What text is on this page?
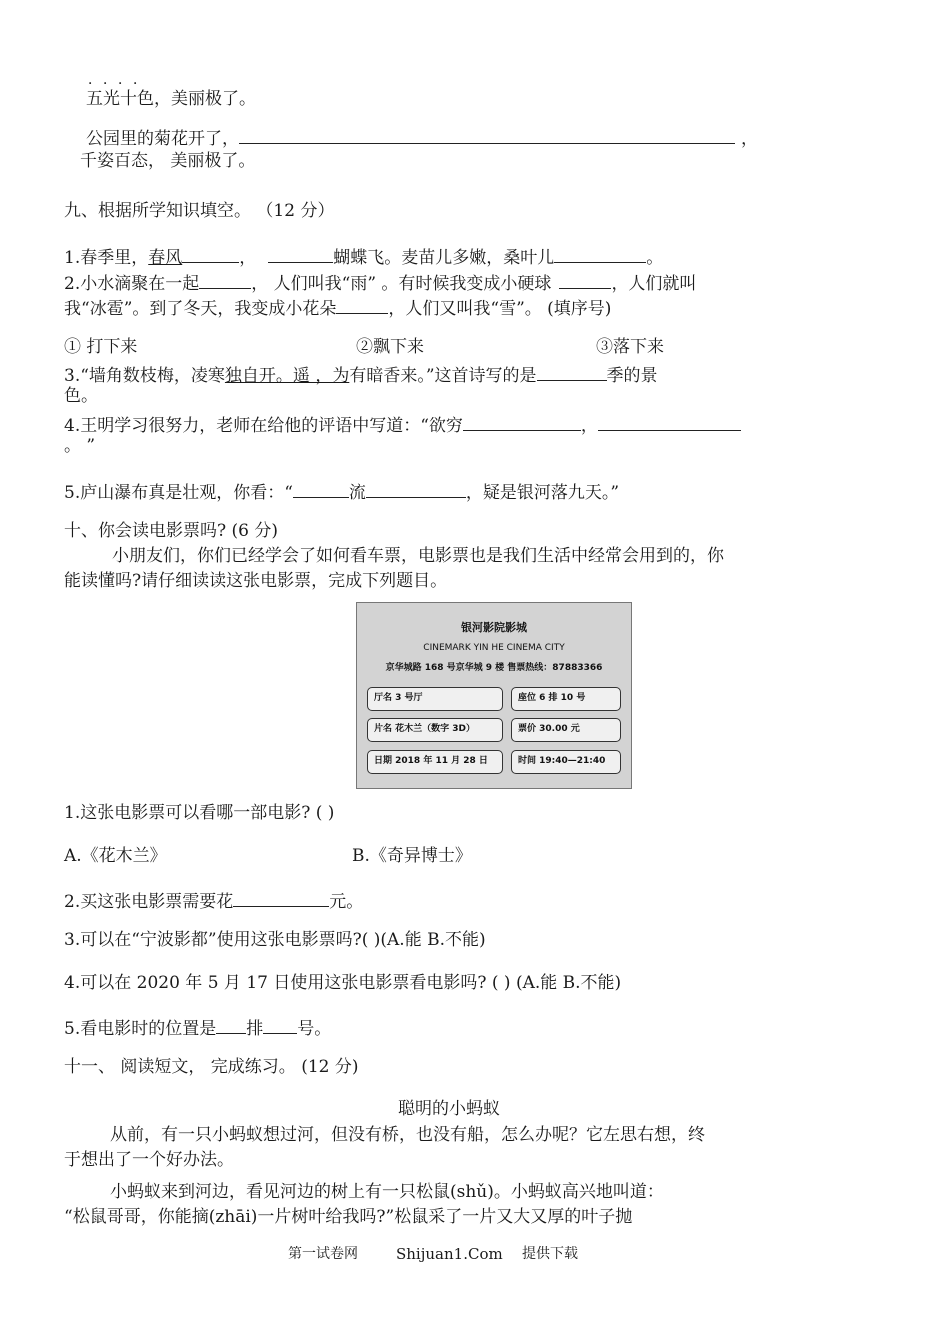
．．．．
五光十色，美丽极了。
公园里的菊花开了，	，
千姿百态， 美丽极了。
九、根据所学知识填空。 （12 分）
1.春季里，春风	，	蝴蝶飞。麦苗儿多嫩，桑叶儿	。
2.小水滴聚在一起	， 人们叫我“雨” 。有时候我变成小硬球	，人们就叫
我“冰雹”。到了冬天，我变成小花朵	，人们又叫我“雪”。 (填序号)
① 打下来	②飘下来	③落下来
3.“墙角数枝梅，凌寒独自开。遥 ，为有暗香来。”这首诗写的是	季的景
色。
4.王明学习很努力，老师在给他的评语中写道：“欲穷	，
。 ”
5.庐山瀑布真是壮观，你看：“	流	，疑是银河落九天。”
十、你会读电影票吗? (6 分)
小朋友们，你们已经学会了如何看车票，电影票也是我们生活中经常会用到的，你
能读懂吗?请仔细读读这张电影票，完成下列题目。
银河影院影城
CINEMARK YIN HE CINEMA CITY
京华城路 168 号京华城 9 楼 售票热线：87883366
厅名 3 号厅	座位 6 排 10 号
片名 花木兰（数字 3D）	票价 30.00 元
日期 2018 年 11 月 28 日	时间 19:40—21:40
1.这张电影票可以看哪一部电影? ( )
A.《花木兰》	B.《奇异博士》
2.买这张电影票需要花	元。
3.可以在“宁波影都”使用这张电影票吗?( )(A.能 B.不能)
4.可以在 2020 年 5 月 17 日使用这张电影票看电影吗? ( ) (A.能 B.不能)
5.看电影时的位置是 排 号。
十一、 阅读短文， 完成练习。 (12 分)
聪明的小蚂蚁
从前，有一只小蚂蚁想过河，但没有桥，也没有船，怎么办呢？它左思右想，终
于想出了一个好办法。
小蚂蚁来到河边，看见河边的树上有一只松鼠(shǔ)。小蚂蚁高兴地叫道：
“松鼠哥哥，你能摘(zhāi)一片树叶给我吗?”松鼠采了一片又大又厚的叶子抛
第一试卷网	Shijuan1.Com 提供下载
